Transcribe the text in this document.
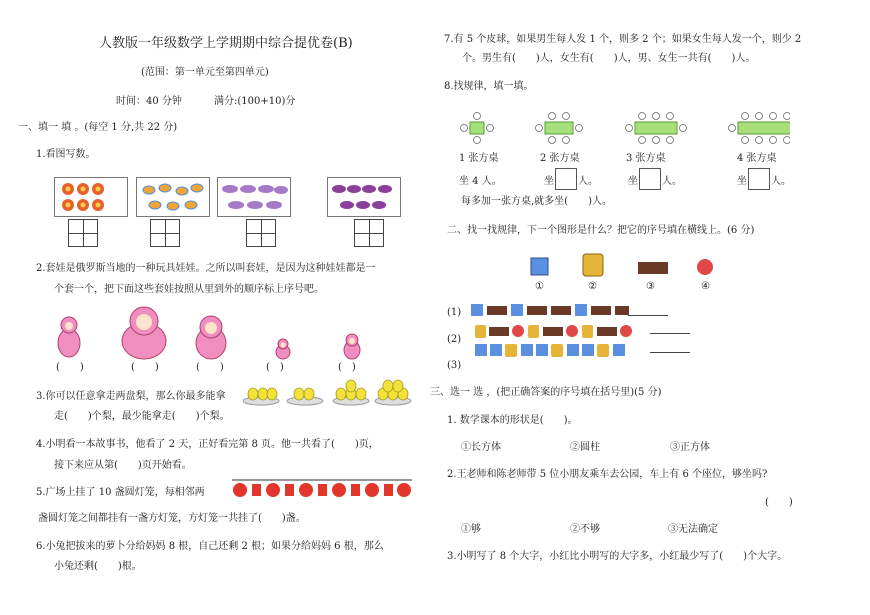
人教版一年级数学上学期期中综合提优卷(B)
(范围：第一单元至第四单元)
时间：40 分钟	满分:(100+10)分
一、填一 填 。(每空 1 分,共 22 分)
1.看图写数。
2.套娃是俄罗斯当地的一种玩具娃娃。之所以叫套娃，是因为这种娃娃都是一
个套一个，把下面这些套娃按照从里到外的顺序标上序号吧。
(　　)	(　　)	(　　)	(　)	(　)
3.你可以任意拿走两盘梨，那么你最多能拿
走(　　)个梨，最少能拿走(　　)个梨。
4.小明看一本故事书，他看了 2 天，正好看完第 8 页。他一共看了(　　)页，
接下来应从第(　　)页开始看。
5.广场上挂了 10 盏圆灯笼，每相邻两
盏圆灯笼之间都挂有一盏方灯笼，方灯笼一共挂了(　　)盏。
6.小兔把拔来的萝卜分给妈妈 8 根，自己还剩 2 根；如果分给妈妈 6 根，那么
小兔还剩(　　)根。
7.有 5 个皮球，如果男生每人发 1 个，则多 2 个；如果女生每人发一个，则少 2
个。男生有(　　)人，女生有(　　)人，男、女生一共有(　　)人。
8.找规律，填一填。
1 张方桌	2 张方桌	3 张方桌	4 张方桌
坐 4 人。	坐 人。	坐 人。	坐 人。
每多加一张方桌,就多坐(　　)人。
二、找一找规律，下一个图形是什么？把它的序号填在横线上。(6 分)
①	②	③	④
(1)
(2)
(3)
三、选一 选 ，(把正确答案的序号填在括号里)(5 分)
1. 数学课本的形状是(　　)。
①长方体	②圆柱	③正方体
2.王老师和陈老师带 5 位小朋友乘车去公园，车上有 6 个座位，够坐吗?
(　　)
①够	②不够	③无法确定
3.小明写了 8 个大字，小红比小明写的大字多，小红最少写了(　　)个大字。
